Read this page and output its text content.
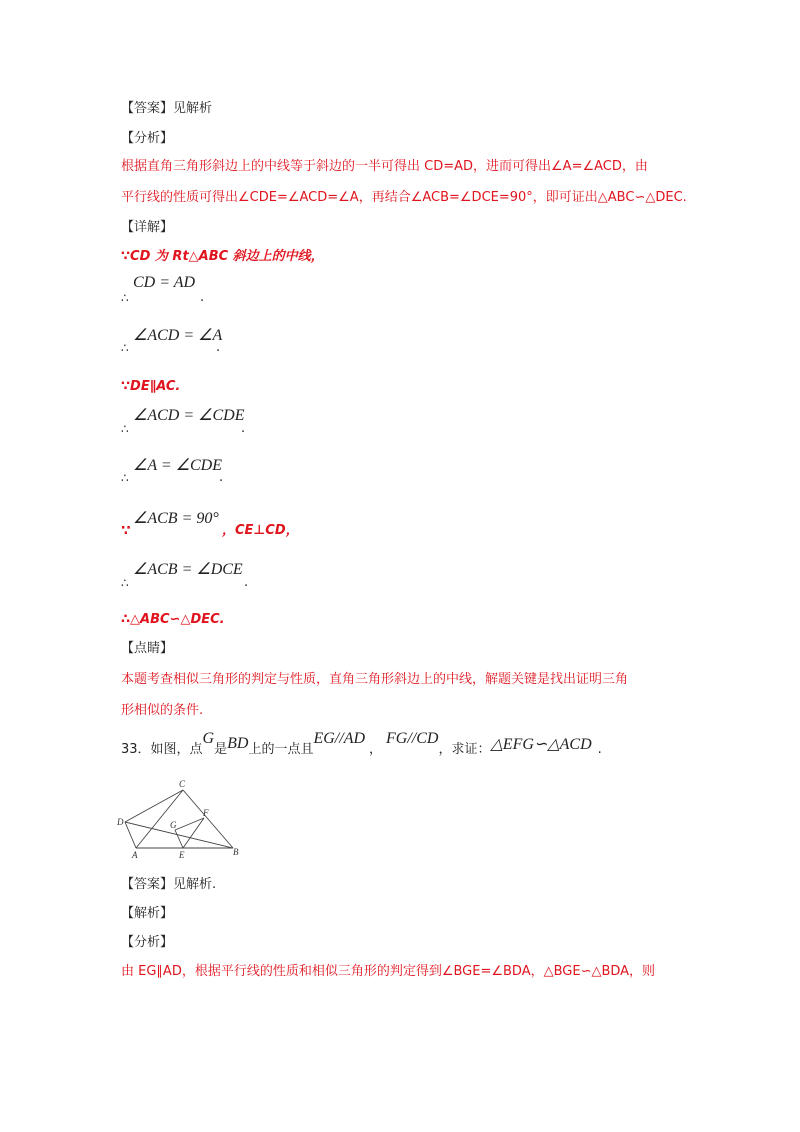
【答案】见解析
【分析】
根据直角三角形斜边上的中线等于斜边的一半可得出 CD=AD，进而可得出∠A=∠ACD，由
平行线的性质可得出∠CDE=∠ACD=∠A，再结合∠ACB=∠DCE=90°，即可证出△ABC∽△DEC.
【详解】
∵CD 为 Rt△ABC 斜边上的中线，
∴
CD = AD
.
∴
∠ACD = ∠A
.
∵DE∥AC.
∴
∠ACD = ∠CDE
.
∴
∠A = ∠CDE
.
∵
∠ACB = 90°
，CE⊥CD，
∴
∠ACB = ∠DCE
.
∴△ABC∽△DEC.
【点睛】
本题考查相似三角形的判定与性质，直角三角形斜边上的中线，解题关键是找出证明三角
形相似的条件.
33．如图，点G是BD上的一点且EG//AD，FG//CD，求证：△EFG∽△ACD .
C
D
F
G
A	E	B
【答案】见解析.
【解析】
【分析】
由 EG∥AD，根据平行线的性质和相似三角形的判定得到∠BGE=∠BDA，△BGE∽△BDA，则
